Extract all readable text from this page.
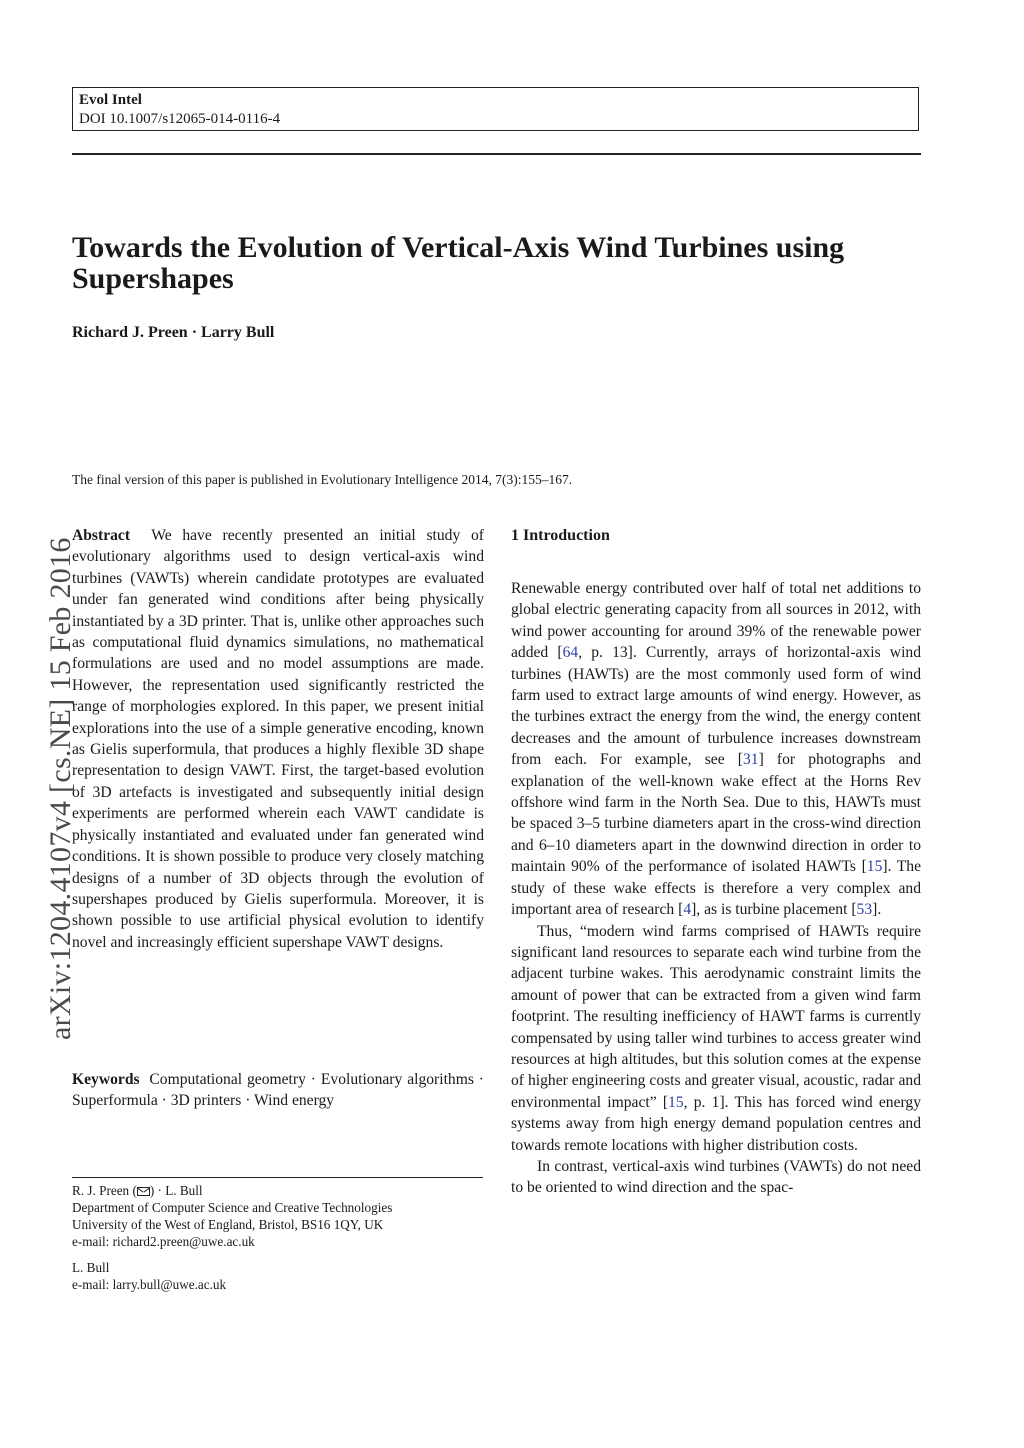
Evol Intel
DOI 10.1007/s12065-014-0116-4
Towards the Evolution of Vertical-Axis Wind Turbines using Supershapes
Richard J. Preen · Larry Bull
arXiv:1204.4107v4 [cs.NE] 15 Feb 2016
The final version of this paper is published in Evolutionary Intelligence 2014, 7(3):155–167.

Abstract We have recently presented an initial study of evolutionary algorithms used to design vertical-axis wind turbines (VAWTs) wherein candidate prototypes are evaluated under fan generated wind conditions after being physically instantiated by a 3D printer. That is, unlike other approaches such as computational fluid dynamics simulations, no mathematical formulations are used and no model assumptions are made. However, the representation used significantly restricted the range of morphologies explored. In this paper, we present initial explorations into the use of a simple generative encoding, known as Gielis superformula, that produces a highly flexible 3D shape representation to design VAWT. First, the target-based evolution of 3D artefacts is investigated and subsequently initial design experiments are performed wherein each VAWT candidate is physically instantiated and evaluated under fan generated wind conditions. It is shown possible to produce very closely matching designs of a number of 3D objects through the evolution of supershapes produced by Gielis superformula. Moreover, it is shown possible to use artificial physical evolution to identify novel and increasingly efficient supershape VAWT designs.

Keywords Computational geometry · Evolutionary algorithms · Superformula · 3D printers · Wind energy

R. J. Preen ( ) · L. Bull
Department of Computer Science and Creative Technologies
University of the West of England, Bristol, BS16 1QY, UK
e-mail: richard2.preen@uwe.ac.uk
L. Bull
e-mail: larry.bull@uwe.ac.uk
1 Introduction

Renewable energy contributed over half of total net additions to global electric generating capacity from all sources in 2012, with wind power accounting for around 39% of the renewable power added [64, p. 13]. Currently, arrays of horizontal-axis wind turbines (HAWTs) are the most commonly used form of wind farm used to extract large amounts of wind energy. However, as the turbines extract the energy from the wind, the energy content decreases and the amount of turbulence increases downstream from each. For example, see [31] for photographs and explanation of the well-known wake effect at the Horns Rev offshore wind farm in the North Sea. Due to this, HAWTs must be spaced 3–5 turbine diameters apart in the cross-wind direction and 6–10 diameters apart in the downwind direction in order to maintain 90% of the performance of isolated HAWTs [15]. The study of these wake effects is therefore a very complex and important area of research [4], as is turbine placement [53].

Thus, “modern wind farms comprised of HAWTs require significant land resources to separate each wind turbine from the adjacent turbine wakes. This aerodynamic constraint limits the amount of power that can be extracted from a given wind farm footprint. The resulting inefficiency of HAWT farms is currently compensated by using taller wind turbines to access greater wind resources at high altitudes, but this solution comes at the expense of higher engineering costs and greater visual, acoustic, radar and environmental impact” [15, p. 1]. This has forced wind energy systems away from high energy demand population centres and towards remote locations with higher distribution costs.

In contrast, vertical-axis wind turbines (VAWTs) do not need to be oriented to wind direction and the spac-
